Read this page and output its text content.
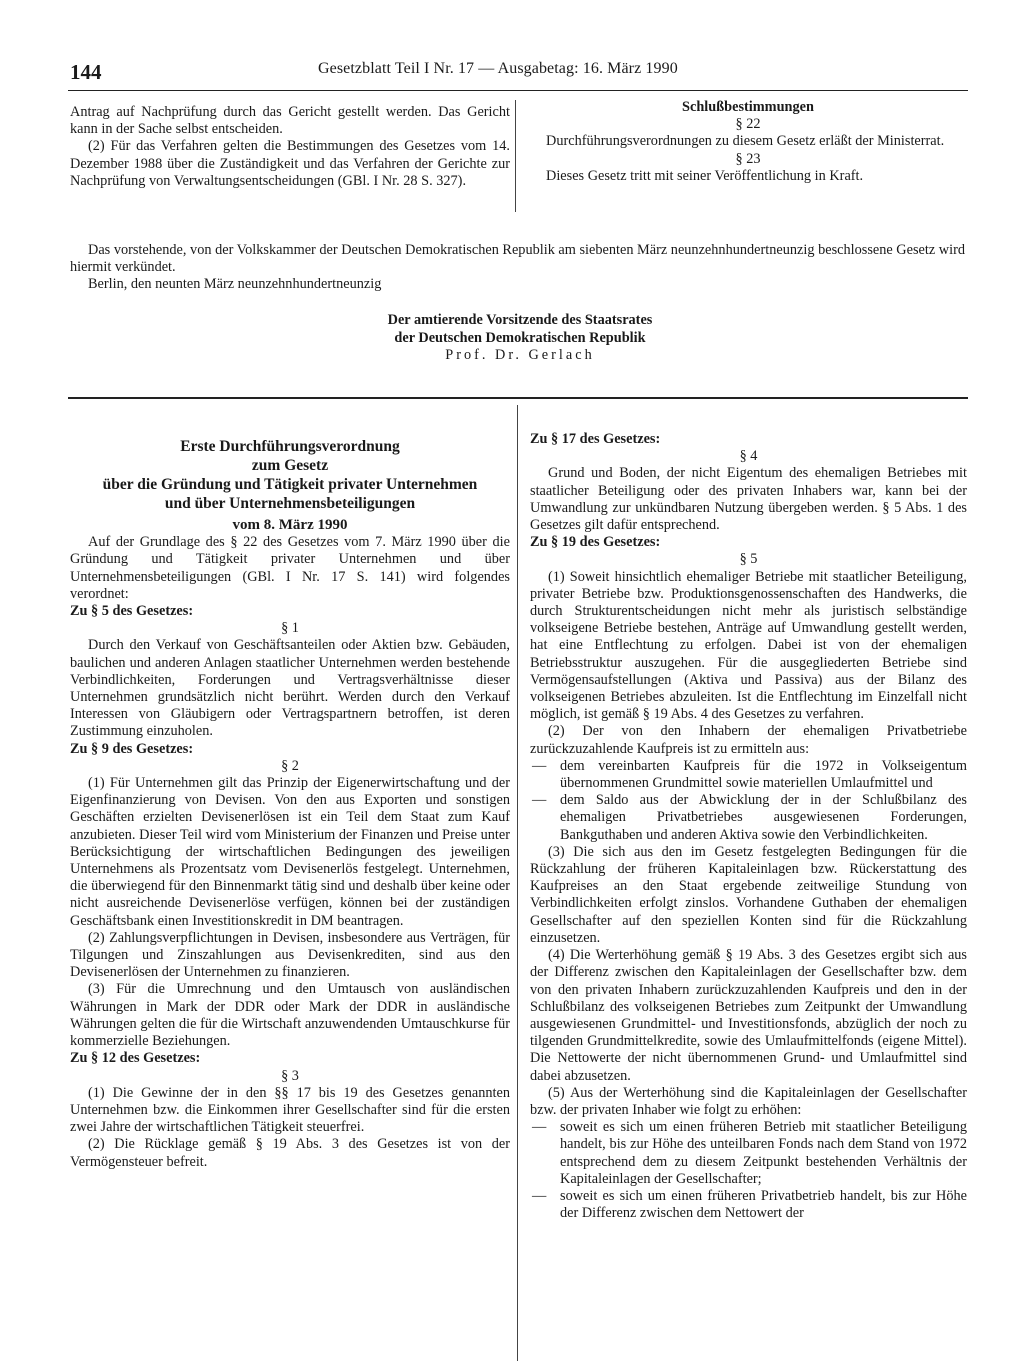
144	Gesetzblatt Teil I Nr. 17 — Ausgabetag: 16. März 1990

Antrag auf Nachprüfung durch das Gericht gestellt werden. Das Gericht kann in der Sache selbst entscheiden.

(2) Für das Verfahren gelten die Bestimmungen des Gesetzes vom 14. Dezember 1988 über die Zuständigkeit und das Verfahren der Gerichte zur Nachprüfung von Verwaltungsentscheidungen (GBl. I Nr. 28 S. 327).

Schlußbestimmungen

§ 22

Durchführungsverordnungen zu diesem Gesetz erläßt der Ministerrat.

§ 23

Dieses Gesetz tritt mit seiner Veröffentlichung in Kraft.

Das vorstehende, von der Volkskammer der Deutschen Demokratischen Republik am siebenten März neunzehnhundertneunzig beschlossene Gesetz wird hiermit verkündet.

Berlin, den neunten März neunzehnhundertneunzig

Der amtierende Vorsitzende des Staatsrates
der Deutschen Demokratischen Republik
Prof. Dr. Gerlach
Erste Durchführungsverordnung
zum Gesetz
über die Gründung und Tätigkeit privater Unternehmen
und über Unternehmensbeteiligungen
vom 8. März 1990

Auf der Grundlage des § 22 des Gesetzes vom 7. März 1990 über die Gründung und Tätigkeit privater Unternehmen und über Unternehmensbeteiligungen (GBl. I Nr. 17 S. 141) wird folgendes verordnet:

Zu § 5 des Gesetzes:

§ 1

Durch den Verkauf von Geschäftsanteilen oder Aktien bzw. Gebäuden, baulichen und anderen Anlagen staatlicher Unternehmen werden bestehende Verbindlichkeiten, Forderungen und Vertragsverhältnisse dieser Unternehmen grundsätzlich nicht berührt. Werden durch den Verkauf Interessen von Gläubigern oder Vertragspartnern betroffen, ist deren Zustimmung einzuholen.

Zu § 9 des Gesetzes:

§ 2

(1) Für Unternehmen gilt das Prinzip der Eigenerwirtschaftung und der Eigenfinanzierung von Devisen. Von den aus Exporten und sonstigen Geschäften erzielten Devisenerlösen ist ein Teil dem Staat zum Kauf anzubieten. Dieser Teil wird vom Ministerium der Finanzen und Preise unter Berücksichtigung der wirtschaftlichen Bedingungen des jeweiligen Unternehmens als Prozentsatz vom Devisenerlös festgelegt. Unternehmen, die überwiegend für den Binnenmarkt tätig sind und deshalb über keine oder nicht ausreichende Devisenerlöse verfügen, können bei der zuständigen Geschäftsbank einen Investitionskredit in DM beantragen.

(2) Zahlungsverpflichtungen in Devisen, insbesondere aus Verträgen, für Tilgungen und Zinszahlungen aus Devisenkrediten, sind aus den Devisenerlösen der Unternehmen zu finanzieren.

(3) Für die Umrechnung und den Umtausch von ausländischen Währungen in Mark der DDR oder Mark der DDR in ausländische Währungen gelten die für die Wirtschaft anzuwendenden Umtauschkurse für kommerzielle Beziehungen.

Zu § 12 des Gesetzes:

§ 3

(1) Die Gewinne der in den §§ 17 bis 19 des Gesetzes genannten Unternehmen bzw. die Einkommen ihrer Gesellschafter sind für die ersten zwei Jahre der wirtschaftlichen Tätigkeit steuerfrei.

(2) Die Rücklage gemäß § 19 Abs. 3 des Gesetzes ist von der Vermögensteuer befreit.

Zu § 17 des Gesetzes:

§ 4

Grund und Boden, der nicht Eigentum des ehemaligen Betriebes mit staatlicher Beteiligung oder des privaten Inhabers war, kann bei der Umwandlung zur unkündbaren Nutzung übergeben werden. § 5 Abs. 1 des Gesetzes gilt dafür entsprechend.

Zu § 19 des Gesetzes:

§ 5

(1) Soweit hinsichtlich ehemaliger Betriebe mit staatlicher Beteiligung, privater Betriebe bzw. Produktionsgenossenschaften des Handwerks, die durch Strukturentscheidungen nicht mehr als juristisch selbständige volkseigene Betriebe bestehen, Anträge auf Umwandlung gestellt werden, hat eine Entflechtung zu erfolgen. Dabei ist von der ehemaligen Betriebsstruktur auszugehen. Für die ausgegliederten Betriebe sind Vermögensaufstellungen (Aktiva und Passiva) aus der Bilanz des volkseigenen Betriebes abzuleiten. Ist die Entflechtung im Einzelfall nicht möglich, ist gemäß § 19 Abs. 4 des Gesetzes zu verfahren.

(2) Der von den Inhabern der ehemaligen Privatbetriebe zurückzuzahlende Kaufpreis ist zu ermitteln aus:

— dem vereinbarten Kaufpreis für die 1972 in Volkseigentum übernommenen Grundmittel sowie materiellen Umlaufmittel und
— dem Saldo aus der Abwicklung der in der Schlußbilanz des ehemaligen Privatbetriebes ausgewiesenen Forderungen, Bankguthaben und anderen Aktiva sowie den Verbindlichkeiten.

(3) Die sich aus den im Gesetz festgelegten Bedingungen für die Rückzahlung der früheren Kapitaleinlagen bzw. Rückerstattung des Kaufpreises an den Staat ergebende zeitweilige Stundung von Verbindlichkeiten erfolgt zinslos. Vorhandene Guthaben der ehemaligen Gesellschafter auf den speziellen Konten sind für die Rückzahlung einzusetzen.

(4) Die Werterhöhung gemäß § 19 Abs. 3 des Gesetzes ergibt sich aus der Differenz zwischen den Kapitaleinlagen der Gesellschafter bzw. dem von den privaten Inhabern zurückzuzahlenden Kaufpreis und den in der Schlußbilanz des volkseigenen Betriebes zum Zeitpunkt der Umwandlung ausgewiesenen Grundmittel- und Investitionsfonds, abzüglich der noch zu tilgenden Grundmittelkredite, sowie des Umlaufmittelfonds (eigene Mittel). Die Nettowerte der nicht übernommenen Grund- und Umlaufmittel sind dabei abzusetzen.

(5) Aus der Werterhöhung sind die Kapitaleinlagen der Gesellschafter bzw. der privaten Inhaber wie folgt zu erhöhen:

— soweit es sich um einen früheren Betrieb mit staatlicher Beteiligung handelt, bis zur Höhe des unteilbaren Fonds nach dem Stand von 1972 entsprechend dem zu diesem Zeitpunkt bestehenden Verhältnis der Kapitaleinlagen der Gesellschafter;
— soweit es sich um einen früheren Privatbetrieb handelt, bis zur Höhe der Differenz zwischen dem Nettowert der
